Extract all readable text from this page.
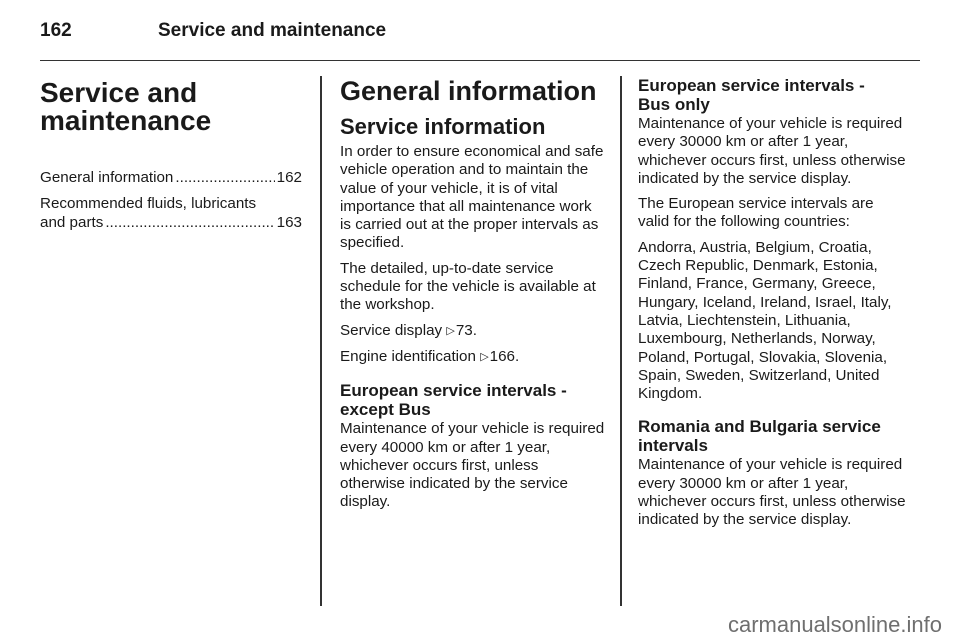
162	Service and maintenance
Service and
maintenance
General information .....	162
Recommended fluids, lubricants
and parts .....	163
General information
Service information

In order to ensure economical and safe vehicle operation and to maintain the value of your vehicle, it is of vital importance that all maintenance work is carried out at the proper intervals as specified.

The detailed, up-to-date service schedule for the vehicle is available at the workshop.

Service display ▷73.

Engine identification ▷166.

European service intervals -
except Bus

Maintenance of your vehicle is required every 40000 km or after 1 year, whichever occurs first, unless otherwise indicated by the service display.

European service intervals -
Bus only

Maintenance of your vehicle is required every 30000 km or after 1 year, whichever occurs first, unless otherwise indicated by the service display.

The European service intervals are valid for the following countries:

Andorra, Austria, Belgium, Croatia, Czech Republic, Denmark, Estonia, Finland, France, Germany, Greece, Hungary, Iceland, Ireland, Israel, Italy, Latvia, Liechtenstein, Lithuania, Luxembourg, Netherlands, Norway, Poland, Portugal, Slovakia, Slovenia, Spain, Sweden, Switzerland, United Kingdom.

Romania and Bulgaria service
intervals

Maintenance of your vehicle is required every 30000 km or after 1 year, whichever occurs first, unless otherwise indicated by the service display.

carmanualsonline.info
